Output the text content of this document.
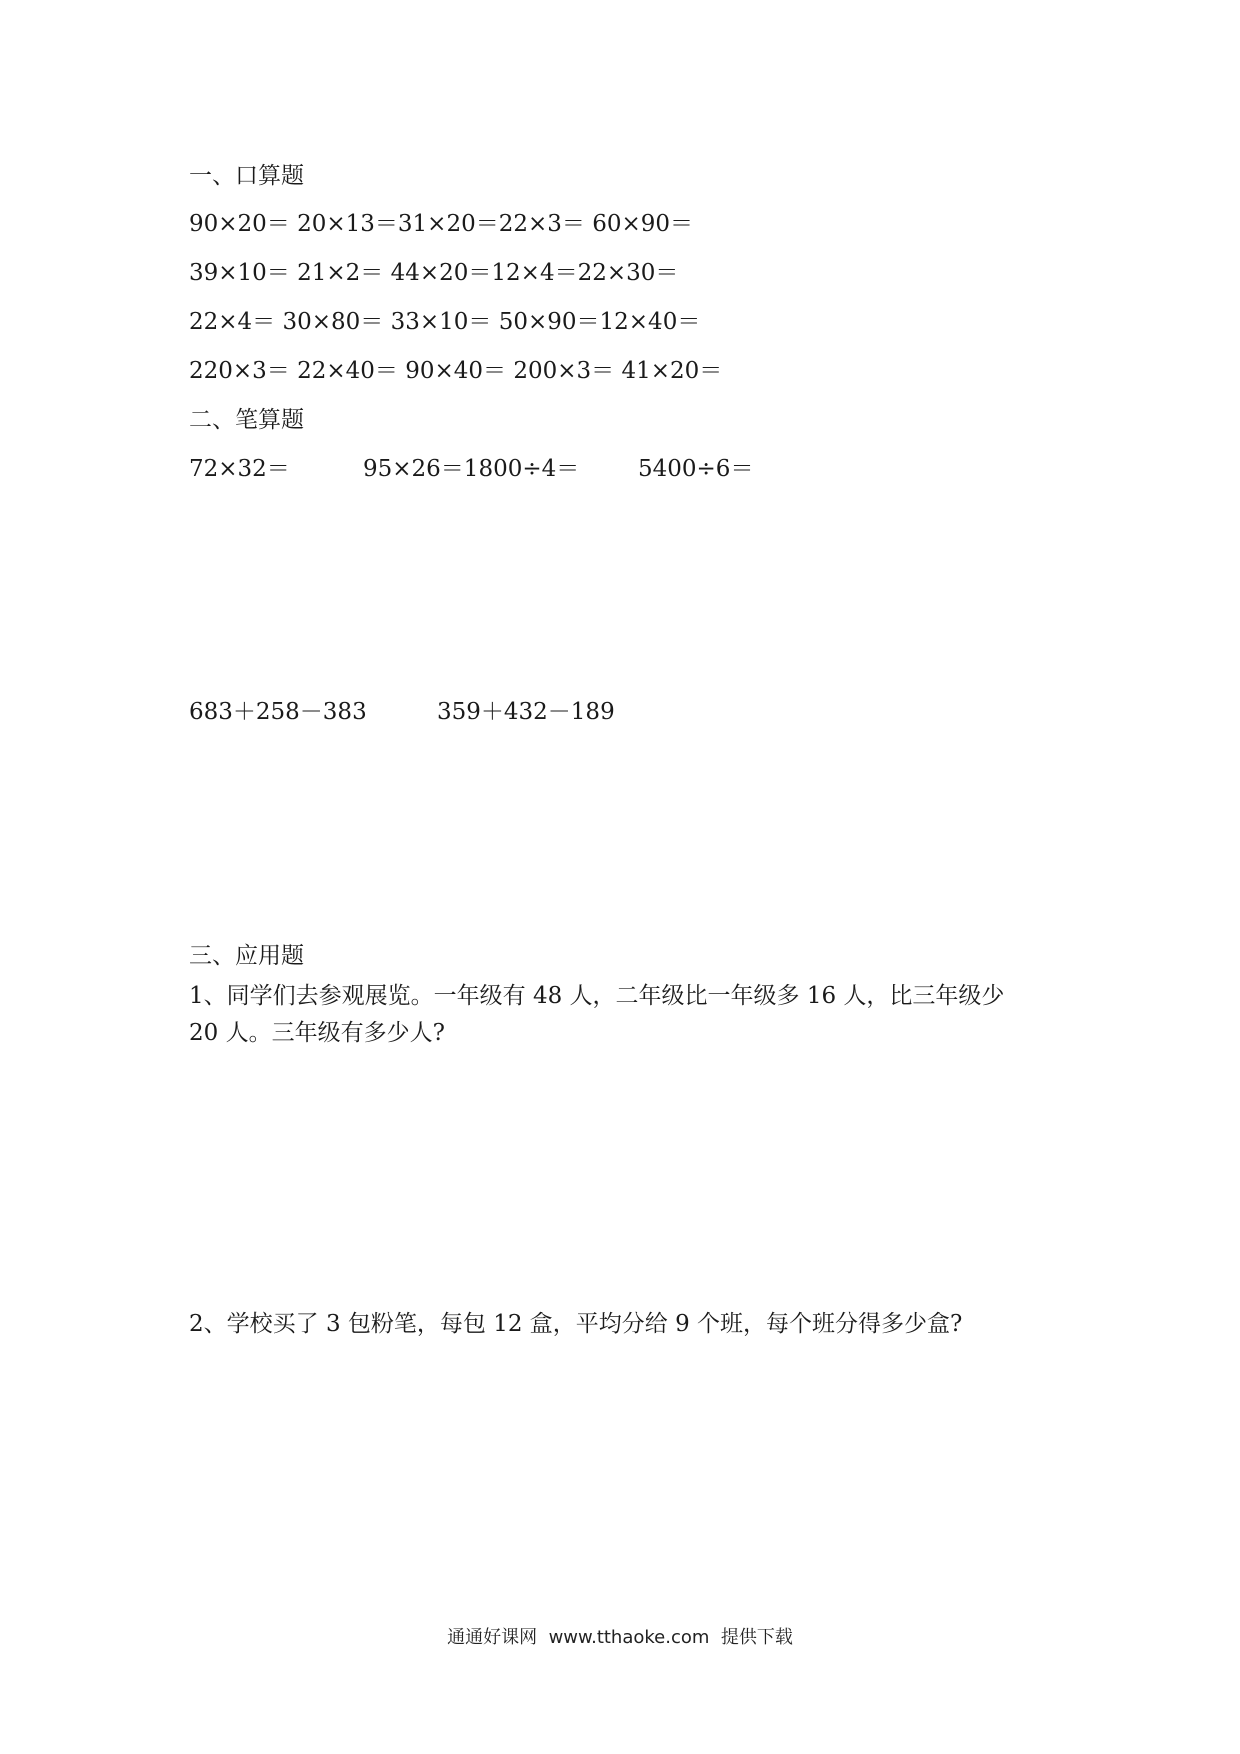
一、口算题
90×20＝ 20×13＝31×20＝22×3＝ 60×90＝
39×10＝ 21×2＝ 44×20＝12×4＝22×30＝
22×4＝ 30×80＝ 33×10＝ 50×90＝12×40＝
220×3＝ 22×40＝ 90×40＝ 200×3＝ 41×20＝
二、笔算题
72×32＝	95×26＝1800÷4＝	5400÷6＝
683＋258－383	359＋432－189
三、应用题
1、同学们去参观展览。一年级有 48 人，二年级比一年级多 16 人，比三年级少
20 人。三年级有多少人?
2、学校买了 3 包粉笔，每包 12 盒，平均分给 9 个班，每个班分得多少盒?
通通好课网  www.tthaoke.com  提供下载
